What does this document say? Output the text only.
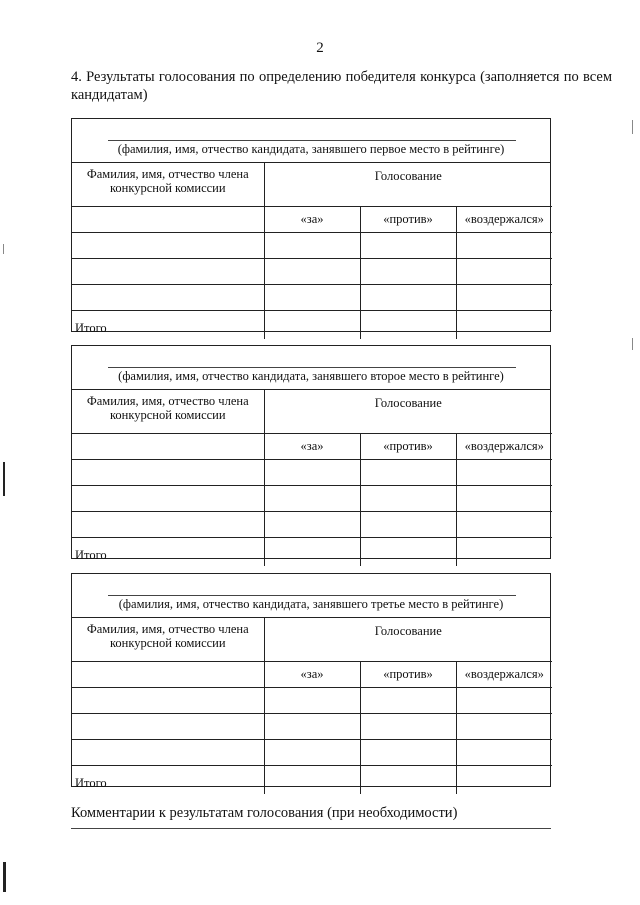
2
4. Результаты голосования по определению победителя конкурса (заполняется по всем кандидатам)
(фамилия, имя, отчество кандидата, занявшего первое место в рейтинге)
Фамилия, имя, отчество члена конкурсной комиссии	Голосование		
	«за»	«против»	«воздержался»

Итого			
(фамилия, имя, отчество кандидата, занявшего второе место в рейтинге)
Фамилия, имя, отчество члена конкурсной комиссии	Голосование		
	«за»	«против»	«воздержался»

Итого			
(фамилия, имя, отчество кандидата, занявшего третье место в рейтинге)
Фамилия, имя, отчество члена конкурсной комиссии	Голосование		
	«за»	«против»	«воздержался»

Итого			
Комментарии к результатам голосования (при необходимости)
